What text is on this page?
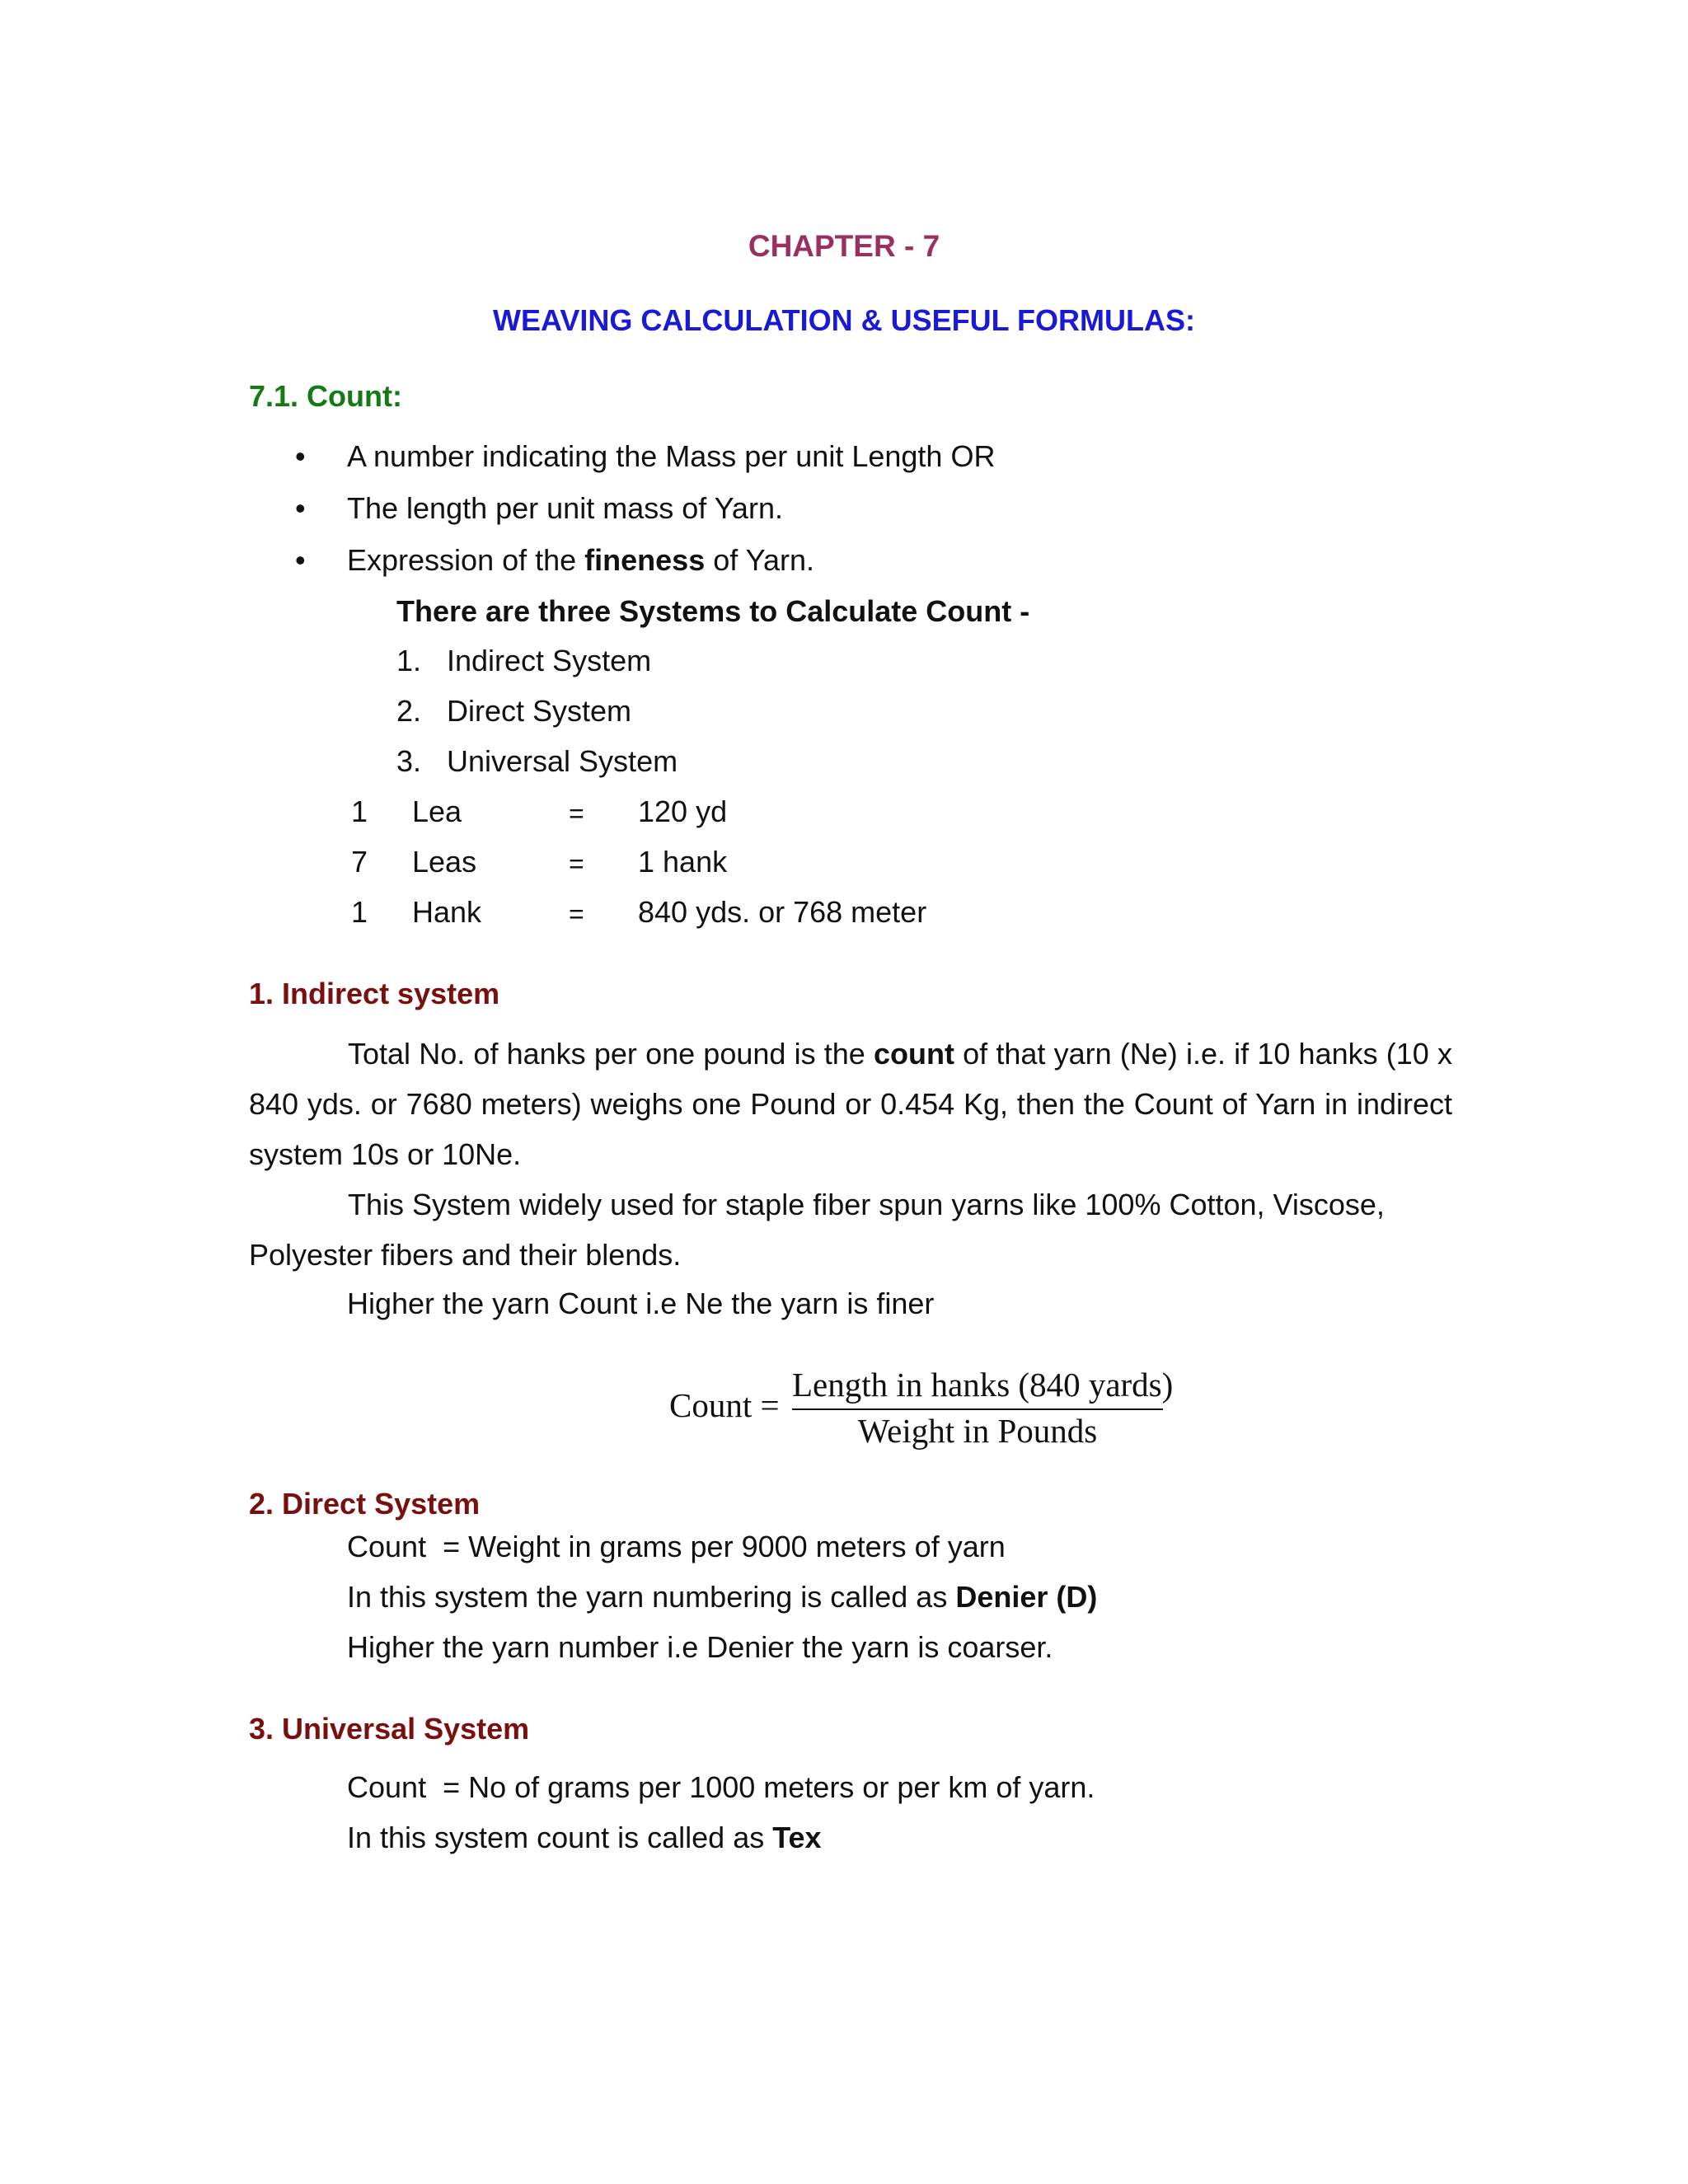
CHAPTER - 7
WEAVING CALCULATION & USEFUL FORMULAS:
7.1. Count:
• A number indicating the Mass per unit Length OR
• The length per unit mass of Yarn.
• Expression of the fineness of Yarn.
There are three Systems to Calculate Count -
1. Indirect System
2. Direct System
3. Universal System
1 Lea	= 120 yd
7 Leas	= 1 hank
1 Hank	= 840 yds. or 768 meter
1. Indirect system
Total No. of hanks per one pound is the count of that yarn (Ne) i.e. if 10 hanks (10 x 840 yds. or 7680 meters) weighs one Pound or 0.454 Kg, then the Count of Yarn in indirect system 10s or 10Ne.
This System widely used for staple fiber spun yarns like 100% Cotton, Viscose, Polyester fibers and their blends.
Higher the yarn Count i.e Ne the yarn is finer
Count =
Length in hanks (840 yards)
Weight in Pounds
2. Direct System
Count  = Weight in grams per 9000 meters of yarn
In this system the yarn numbering is called as Denier (D)
Higher the yarn number i.e Denier the yarn is coarser.
3. Universal System
Count  = No of grams per 1000 meters or per km of yarn.
In this system count is called as Tex
